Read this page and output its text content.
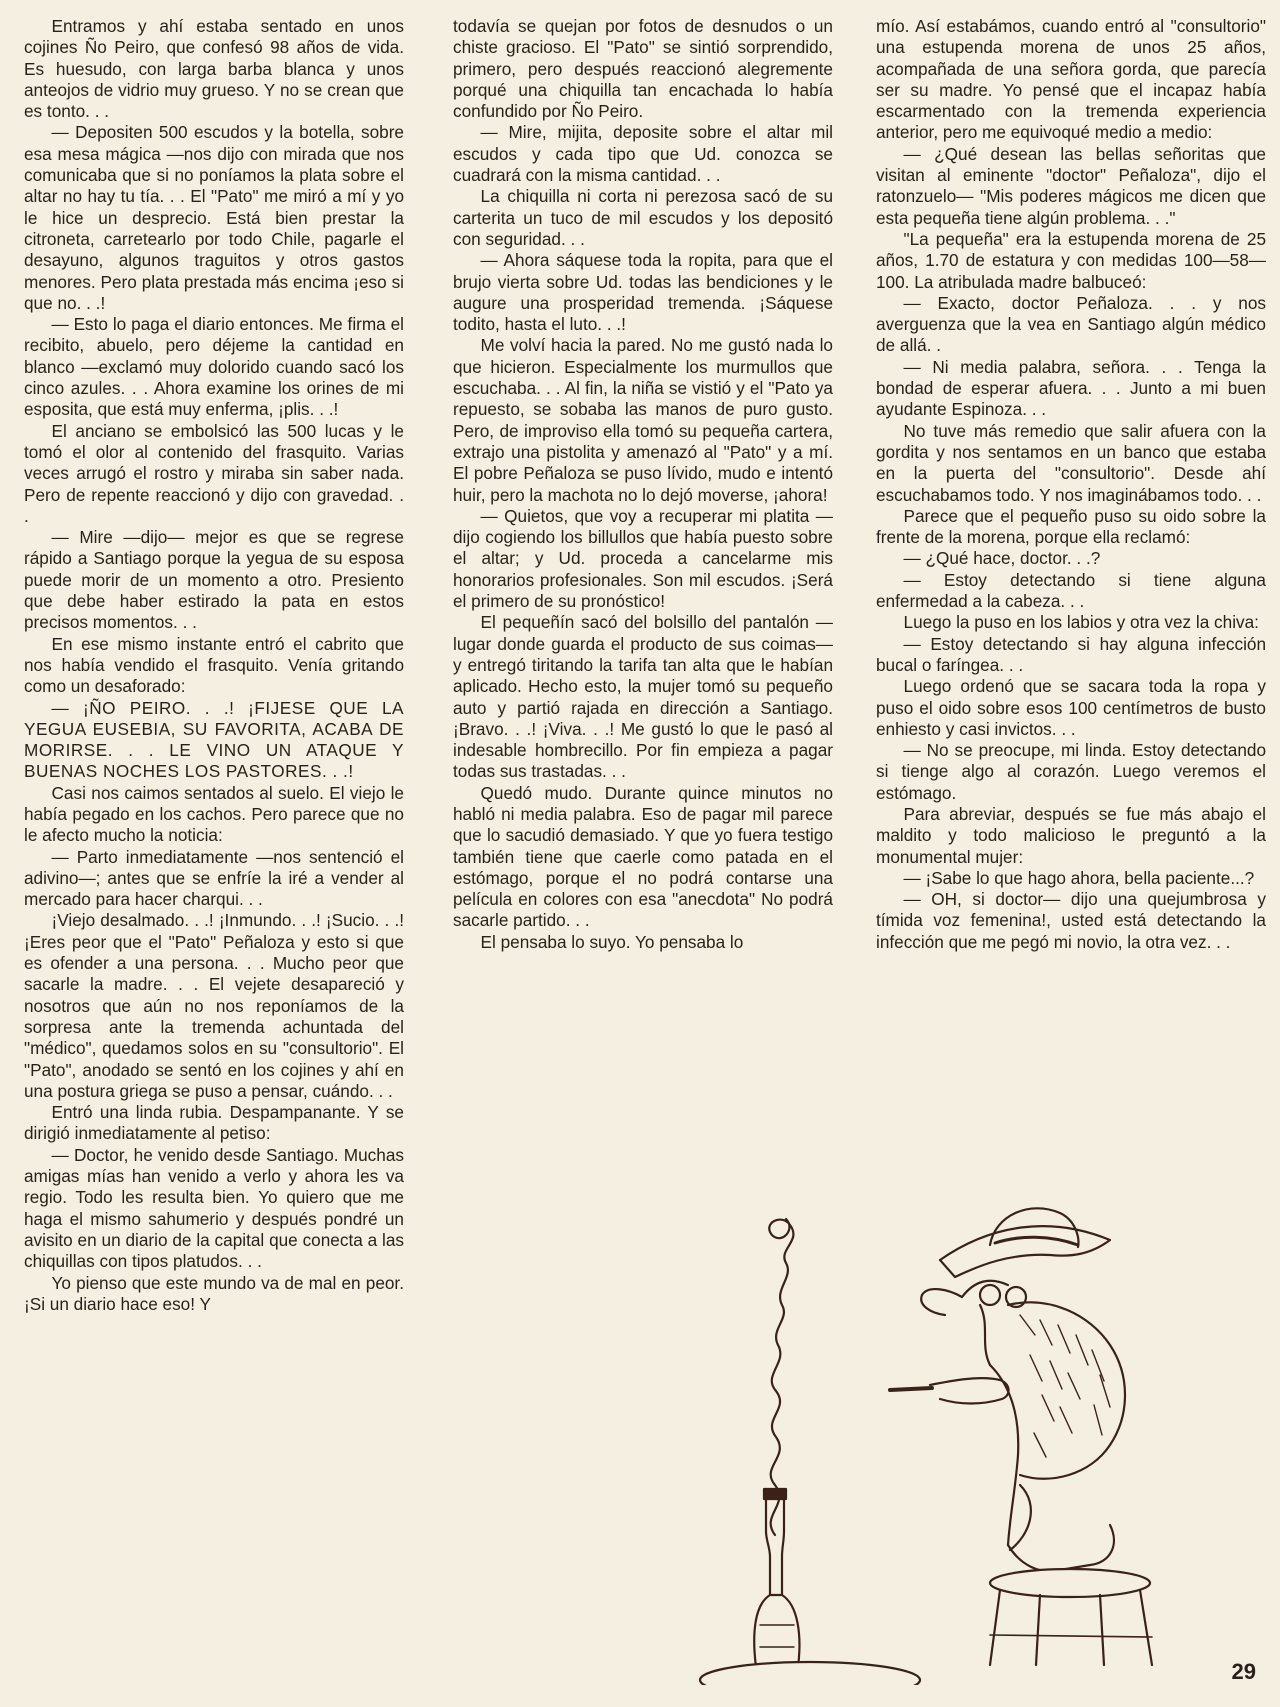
Entramos y ahí estaba sentado en unos cojines Ño Peiro, que confesó 98 años de vida. Es huesudo, con larga barba blanca y unos anteojos de vidrio muy grueso. Y no se crean que es tonto. . .

— Depositen 500 escudos y la botella, sobre esa mesa mágica —nos dijo con mirada que nos comunicaba que si no poníamos la plata sobre el altar no hay tu tía. . . El "Pato" me miró a mí y yo le hice un desprecio. Está bien prestar la citroneta, carretearlo por todo Chile, pagarle el desayuno, algunos traguitos y otros gastos menores. Pero plata prestada más encima ¡eso si que no. . .!

— Esto lo paga el diario entonces. Me firma el recibito, abuelo, pero déjeme la cantidad en blanco —exclamó muy dolorido cuando sacó los cinco azules. . . Ahora examine los orines de mi esposita, que está muy enferma, ¡plis. . .!

El anciano se embolsicó las 500 lucas y le tomó el olor al contenido del frasquito. Varias veces arrugó el rostro y miraba sin saber nada. Pero de repente reaccionó y dijo con gravedad. . .

— Mire —dijo— mejor es que se regrese rápido a Santiago porque la yegua de su esposa puede morir de un momento a otro. Presiento que debe haber estirado la pata en estos precisos momentos. . .

En ese mismo instante entró el cabrito que nos había vendido el frasquito. Venía gritando como un desaforado:

— ¡ÑO PEIRO. . .! ¡FIJESE QUE LA YEGUA EUSEBIA, SU FAVORITA, ACABA DE MORIRSE. . . LE VINO UN ATAQUE Y BUENAS NOCHES LOS PASTORES. . .!

Casi nos caimos sentados al suelo. El viejo le había pegado en los cachos. Pero parece que no le afecto mucho la noticia:

— Parto inmediatamente —nos sentenció el adivino—; antes que se enfríe la iré a vender al mercado para hacer charqui. . .

¡Viejo desalmado. . .! ¡Inmundo. . .! ¡Sucio. . .! ¡Eres peor que el "Pato" Peñaloza y esto si que es ofender a una persona. . . Mucho peor que sacarle la madre. . . El vejete desapareció y nosotros que aún no nos reponíamos de la sorpresa ante la tremenda achuntada del "médico", quedamos solos en su "consultorio". El "Pato", anodado se sentó en los cojines y ahí en una postura griega se puso a pensar, cuándo. . .

Entró una linda rubia. Despampanante. Y se dirigió inmediatamente al petiso:

— Doctor, he venido desde Santiago. Muchas amigas mías han venido a verlo y ahora les va regio. Todo les resulta bien. Yo quiero que me haga el mismo sahumerio y después pondré un avisito en un diario de la capital que conecta a las chiquillas con tipos platudos. . .

Yo pienso que este mundo va de mal en peor. ¡Si un diario hace eso! Y

todavía se quejan por fotos de desnudos o un chiste gracioso. El "Pato" se sintió sorprendido, primero, pero después reaccionó alegremente porqué una chiquilla tan encachada lo había confundido por Ño Peiro.

— Mire, mijita, deposite sobre el altar mil escudos y cada tipo que Ud. conozca se cuadrará con la misma cantidad. . .

La chiquilla ni corta ni perezosa sacó de su carterita un tuco de mil escudos y los depositó con seguridad. . .

— Ahora sáquese toda la ropita, para que el brujo vierta sobre Ud. todas las bendiciones y le augure una prosperidad tremenda. ¡Sáquese todito, hasta el luto. . .!

Me volví hacia la pared. No me gustó nada lo que hicieron. Especialmente los murmullos que escuchaba. . . Al fin, la niña se vistió y el "Pato ya repuesto, se sobaba las manos de puro gusto. Pero, de improviso ella tomó su pequeña cartera, extrajo una pistolita y amenazó al "Pato" y a mí. El pobre Peñaloza se puso lívido, mudo e intentó huir, pero la machota no lo dejó moverse, ¡ahora!

— Quietos, que voy a recuperar mi platita —dijo cogiendo los billullos que había puesto sobre el altar; y Ud. proceda a cancelarme mis honorarios profesionales. Son mil escudos. ¡Será el primero de su pronóstico!

El pequeñín sacó del bolsillo del pantalón —lugar donde guarda el producto de sus coimas— y entregó tiritando la tarifa tan alta que le habían aplicado. Hecho esto, la mujer tomó su pequeño auto y partió rajada en dirección a Santiago. ¡Bravo. . .! ¡Viva. . .! Me gustó lo que le pasó al indesable hombrecillo. Por fin empieza a pagar todas sus trastadas. . .

Quedó mudo. Durante quince minutos no habló ni media palabra. Eso de pagar mil parece que lo sacudió demasiado. Y que yo fuera testigo también tiene que caerle como patada en el estómago, porque el no podrá contarse una película en colores con esa "anecdota" No podrá sacarle partido. . .

El pensaba lo suyo. Yo pensaba lo

mío. Así estabámos, cuando entró al "consultorio" una estupenda morena de unos 25 años, acompañada de una señora gorda, que parecía ser su madre. Yo pensé que el incapaz había escarmentado con la tremenda experiencia anterior, pero me equivoqué medio a medio:

— ¿Qué desean las bellas señoritas que visitan al eminente "doctor" Peñaloza", dijo el ratonzuelo— "Mis poderes mágicos me dicen que esta pequeña tiene algún problema. . ."

"La pequeña" era la estupenda morena de 25 años, 1.70 de estatura y con medidas 100—58—100. La atribulada madre balbuceó:

— Exacto, doctor Peñaloza. . . y nos averguenza que la vea en Santiago algún médico de allá. .

— Ni media palabra, señora. . . Tenga la bondad de esperar afuera. . . Junto a mi buen ayudante Espinoza. . .

No tuve más remedio que salir afuera con la gordita y nos sentamos en un banco que estaba en la puerta del "consultorio". Desde ahí escuchabamos todo. Y nos imaginábamos todo. . .

Parece que el pequeño puso su oido sobre la frente de la morena, porque ella reclamó:

— ¿Qué hace, doctor. . .?

— Estoy detectando si tiene alguna enfermedad a la cabeza. . .

Luego la puso en los labios y otra vez la chiva:

— Estoy detectando si hay alguna infección bucal o faríngea. . .

Luego ordenó que se sacara toda la ropa y puso el oido sobre esos 100 centímetros de busto enhiesto y casi invictos. . .

— No se preocupe, mi linda. Estoy detectando si tienge algo al corazón. Luego veremos el estómago.

Para abreviar, después se fue más abajo el maldito y todo malicioso le preguntó a la monumental mujer:

— ¡Sabe lo que hago ahora, bella paciente...?

— OH, si doctor— dijo una quejumbrosa y tímida voz femenina!, usted está detectando la infección que me pegó mi novio, la otra vez. . .

29
